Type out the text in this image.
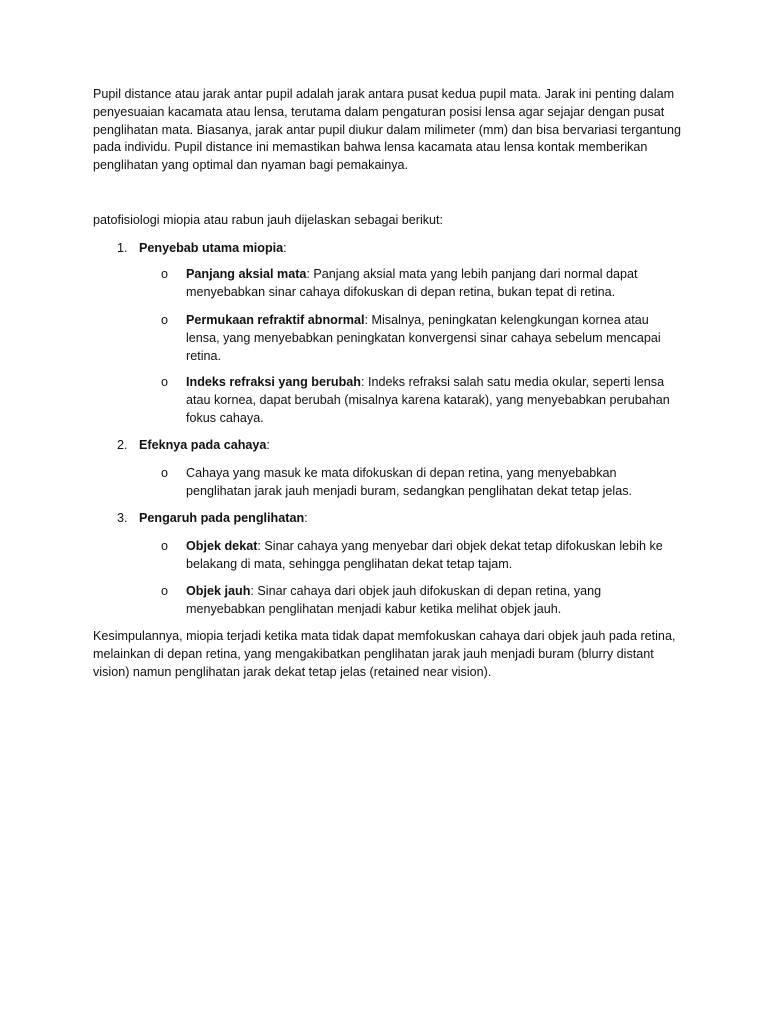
Pupil distance atau jarak antar pupil adalah jarak antara pusat kedua pupil mata. Jarak ini penting dalam penyesuaian kacamata atau lensa, terutama dalam pengaturan posisi lensa agar sejajar dengan pusat penglihatan mata. Biasanya, jarak antar pupil diukur dalam milimeter (mm) dan bisa bervariasi tergantung pada individu. Pupil distance ini memastikan bahwa lensa kacamata atau lensa kontak memberikan penglihatan yang optimal dan nyaman bagi pemakainya.

patofisiologi miopia atau rabun jauh dijelaskan sebagai berikut:

1. Penyebab utama miopia:
o	Panjang aksial mata: Panjang aksial mata yang lebih panjang dari normal dapat menyebabkan sinar cahaya difokuskan di depan retina, bukan tepat di retina.

o	Permukaan refraktif abnormal: Misalnya, peningkatan kelengkungan kornea atau lensa, yang menyebabkan peningkatan konvergensi sinar cahaya sebelum mencapai retina.

o	Indeks refraksi yang berubah: Indeks refraksi salah satu media okular, seperti lensa atau kornea, dapat berubah (misalnya karena katarak), yang menyebabkan perubahan fokus cahaya.

2. Efeknya pada cahaya:
o	Cahaya yang masuk ke mata difokuskan di depan retina, yang menyebabkan penglihatan jarak jauh menjadi buram, sedangkan penglihatan dekat tetap jelas.

3. Pengaruh pada penglihatan:
o	Objek dekat: Sinar cahaya yang menyebar dari objek dekat tetap difokuskan lebih ke belakang di mata, sehingga penglihatan dekat tetap tajam.

o	Objek jauh: Sinar cahaya dari objek jauh difokuskan di depan retina, yang menyebabkan penglihatan menjadi kabur ketika melihat objek jauh.

Kesimpulannya, miopia terjadi ketika mata tidak dapat memfokuskan cahaya dari objek jauh pada retina, melainkan di depan retina, yang mengakibatkan penglihatan jarak jauh menjadi buram (blurry distant vision) namun penglihatan jarak dekat tetap jelas (retained near vision).
